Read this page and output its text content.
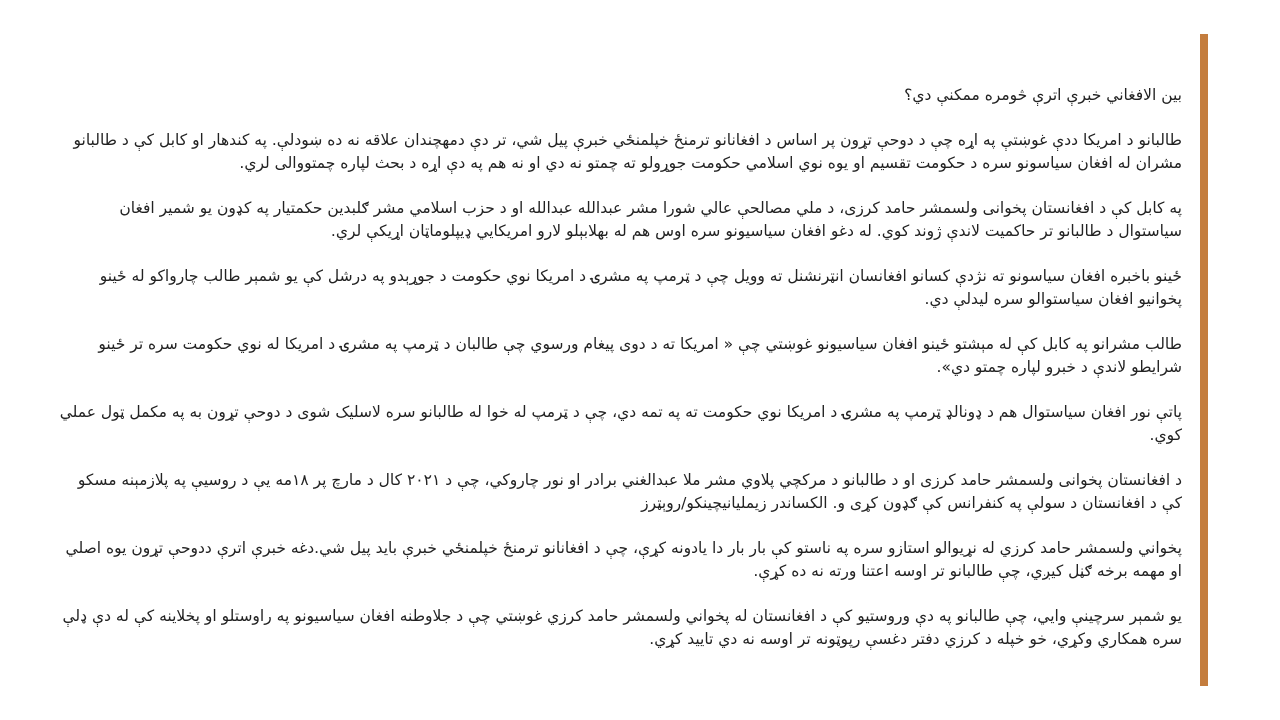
بین الافغاني خبرې اترې څومره ممکنې دي؟

طالبانو د امریکا ددې غوښتې په اړه چې د دوحې تړون پر اساس د افغانانو ترمنځ خپلمنځي خبرې پیل شي، تر دې دمهچندان علاقه نه ده ښودلې. په کندهار او کابل کې د طالبانو مشران له افغان سیاسونو سره د حکومت تقسیم او یوه نوي اسلامي حکومت جوړولو ته چمتو نه دي او نه هم په دې اړه د بحث لپاره چمتووالی لري.

په کابل کې د افغانستان پخوانی ولسمشر حامد کرزی، د ملي مصالحې عالي شورا مشر عبدالله عبدالله او د حزب اسلامي مشر ګلبدین حکمتیار په کډون یو شمیر افغان سیاستوال د طالبانو تر حاکمیت لاندې ژوند کوي. له دغو افغان سیاسیونو سره اوس هم له بهلابېلو لارو امریکایي ډیپلوماټان اړیکې لري.

ځینو باخبره افغان سیاسونو ته نژدې کسانو افغانسان انټرنشنل ته وویل چې د ټرمپ په مشرۍ د امریکا نوي حکومت د جوړېدو په درشل کې یو شمېر طالب چارواکو له ځینو پخوانیو افغان سیاستوالو سره لیدلې دي.

طالب مشرانو په کابل کې له مېشتو ځینو افغان سیاسیونو غوښتي چې « امریکا ته د دوی پیغام ورسوي چې طالبان د ټرمپ په مشرۍ د امریکا له نوي حکومت سره تر ځینو شرایطو لاندې د خبرو لپاره چمتو دي».

پاتې نور افغان سیاستوال هم د ډونالډ ټرمپ په مشرۍ د امریکا نوي حکومت ته په تمه دي، چې د ټرمپ له خوا له طالبانو سره لاسلیک شوی د دوحې تړون به په مکمل ټول عملي کوي.

د افغانستان پخوانی ولسمشر حامد کرزی او د طالبانو د مرکچي پلاوي مشر ملا عبدالغني برادر او نور چاروکي، چې د ۲۰۲۱ کال د مارچ پر ۱۸مه یې د روسیې په پلازمېنه مسکو کې د افغانستان د سولې په کنفرانس کې ګډون کړی و. الکساندر زیملیانیچینکو/روېټرز

پخواني ولسمشر حامد کرزي له نړیوالو استازو سره په ناستو کې بار بار دا یادونه کړې، چې د افغانانو ترمنځ خپلمنځي خبرې باید پیل شي.دغه خبرې اترې ددوحې تړون یوه اصلي او مهمه برخه ګڼل کیږي، چې طالبانو تر اوسه اعتنا ورته نه ده کړې.

یو شمېر سرچینې وایي، چې طالبانو په دې وروستیو کې د افغانستان له پخواني ولسمشر حامد کرزي غوښتي چې د جلاوطنه افغان سیاسیونو په راوستلو او پخلاینه کې له دې ډلې سره همکاري وکړي، خو خپله د کرزي دفتر دغسې رپوټونه تر اوسه نه دي تایید کړي.
